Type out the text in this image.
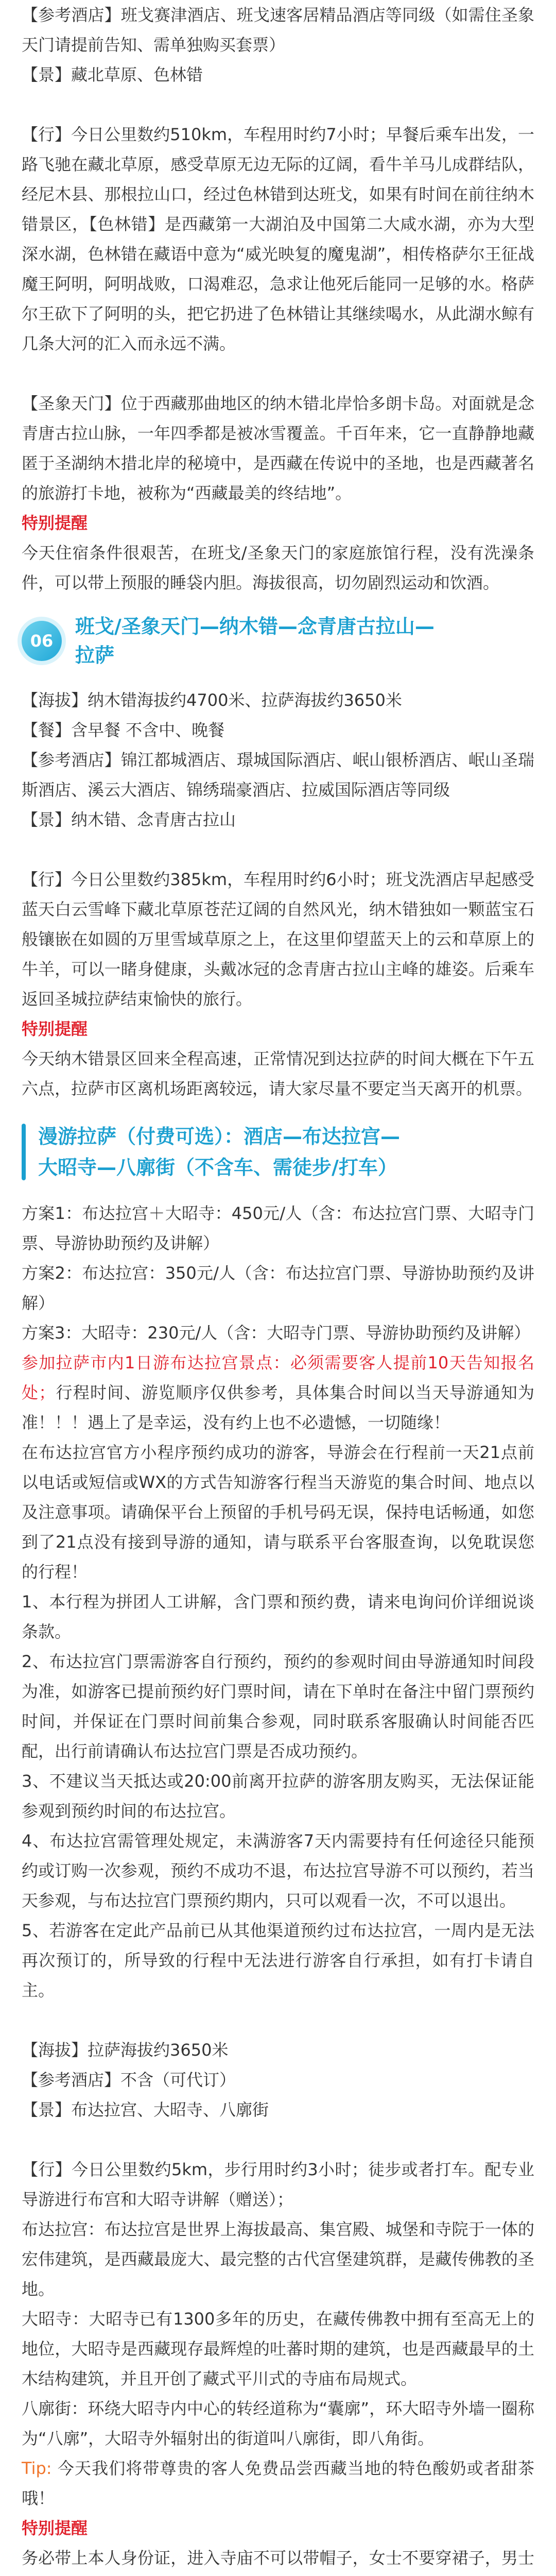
【参考酒店】班戈赛津酒店、班戈速客居精品酒店等同级（如需住圣象天门请提前告知、需单独购买套票）

【景】藏北草原、色林错

【行】今日公里数约510km，车程用时约7小时；早餐后乘车出发，一路飞驰在藏北草原，感受草原无边无际的辽阔，看牛羊马儿成群结队，经尼木县、那根拉山口，经过色林错到达班戈，如果有时间在前往纳木错景区，【色林错】是西藏第一大湖泊及中国第二大咸水湖，亦为大型深水湖，色林错在藏语中意为“威光映复的魔鬼湖”，相传格萨尔王征战魔王阿明，阿明战败，口渴难忍，急求让他死后能同一足够的水。格萨尔王砍下了阿明的头，把它扔进了色林错让其继续喝水，从此湖水鲸有几条大河的汇入而永远不满。

【圣象天门】位于西藏那曲地区的纳木错北岸恰多朗卡岛。对面就是念青唐古拉山脉，一年四季都是被冰雪覆盖。千百年来，它一直静静地藏匿于圣湖纳木措北岸的秘境中，是西藏在传说中的圣地，也是西藏著名的旅游打卡地，被称为“西藏最美的终结地”。

特别提醒

今天住宿条件很艰苦，在班戈/圣象天门的家庭旅馆行程，没有洗澡条件，可以带上预服的睡袋内胆。海拔很高，切勿剧烈运动和饮酒。

06
班戈/圣象天门—纳木错—念青唐古拉山—
拉萨

【海拔】纳木错海拔约4700米、拉萨海拔约3650米

【餐】含早餐 不含中、晚餐

【参考酒店】锦江都城酒店、璟城国际酒店、岷山银桥酒店、岷山圣瑞斯酒店、溪云大酒店、锦绣瑞豪酒店、拉威国际酒店等同级

【景】纳木错、念青唐古拉山

【行】今日公里数约385km，车程用时约6小时；班戈洗酒店早起感受蓝天白云雪峰下藏北草原苍茫辽阔的自然风光，纳木错独如一颗蓝宝石般镶嵌在如圆的万里雪域草原之上，在这里仰望蓝天上的云和草原上的牛羊，可以一睹身健康，头戴冰冠的念青唐古拉山主峰的雄姿。后乘车返回圣城拉萨结束愉快的旅行。

特别提醒

今天纳木错景区回来全程高速，正常情况到达拉萨的时间大概在下午五六点，拉萨市区离机场距离较远，请大家尽量不要定当天离开的机票。

漫游拉萨（付费可选）：酒店—布达拉宫—
大昭寺—八廓街（不含车、需徒步/打车）

方案1：布达拉宫＋大昭寺：450元/人（含：布达拉宫门票、大昭寺门票、导游协助预约及讲解）

方案2：布达拉宫：350元/人（含：布达拉宫门票、导游协助预约及讲解）

方案3：大昭寺：230元/人（含：大昭寺门票、导游协助预约及讲解）

参加拉萨市内1日游布达拉宫景点：必须需要客人提前10天告知报名处；行程时间、游览顺序仅供参考，具体集合时间以当天导游通知为准！！！遇上了是幸运，没有约上也不必遗憾，一切随缘！

在布达拉宫官方小程序预约成功的游客，导游会在行程前一天21点前以电话或短信或WX的方式告知游客行程当天游览的集合时间、地点以及注意事项。请确保平台上预留的手机号码无误，保持电话畅通，如您到了21点没有接到导游的通知，请与联系平台客服查询，以免耽误您的行程！

1、本行程为拼团人工讲解，含门票和预约费，请来电询问价详细说谈条款。

2、布达拉宫门票需游客自行预约，预约的参观时间由导游通知时间段为准，如游客已提前预约好门票时间，请在下单时在备注中留门票预约时间，并保证在门票时间前集合参观，同时联系客服确认时间能否匹配，出行前请确认布达拉宫门票是否成功预约。

3、不建议当天抵达或20:00前离开拉萨的游客朋友购买，无法保证能参观到预约时间的布达拉宫。

4、布达拉宫需管理处规定，未满游客7天内需要持有任何途径只能预约或订购一次参观，预约不成功不退，布达拉宫导游不可以预约，若当天参观，与布达拉宫门票预约期内，只可以观看一次，不可以退出。

5、若游客在定此产品前已从其他渠道预约过布达拉宫，一周内是无法再次预订的，所导致的行程中无法进行游客自行承担，如有打卡请自主。

【海拔】拉萨海拔约3650米

【参考酒店】不含（可代订）

【景】布达拉宫、大昭寺、八廓街

【行】今日公里数约5km，步行用时约3小时；徒步或者打车。配专业导游进行布宫和大昭寺讲解（赠送）；

布达拉宫：布达拉宫是世界上海拔最高、集宫殿、城堡和寺院于一体的宏伟建筑，是西藏最庞大、最完整的古代宫堡建筑群，是藏传佛教的圣地。

大昭寺：大昭寺已有1300多年的历史，在藏传佛教中拥有至高无上的地位，大昭寺是西藏现存最辉煌的吐蕃时期的建筑，也是西藏最早的土木结构建筑，并且开创了藏式平川式的寺庙布局规式。

八廓街：环绕大昭寺内中心的转经道称为“囊廓”，环大昭寺外墙一圈称为“八廓”，大昭寺外辐射出的街道叫八廓街，即八角街。

Tip: 今天我们将带尊贵的客人免费品尝西藏当地的特色酸奶或者甜茶哦！

特别提醒

务必带上本人身份证，进入寺庙不可以带帽子，女士不要穿裙子，男士
